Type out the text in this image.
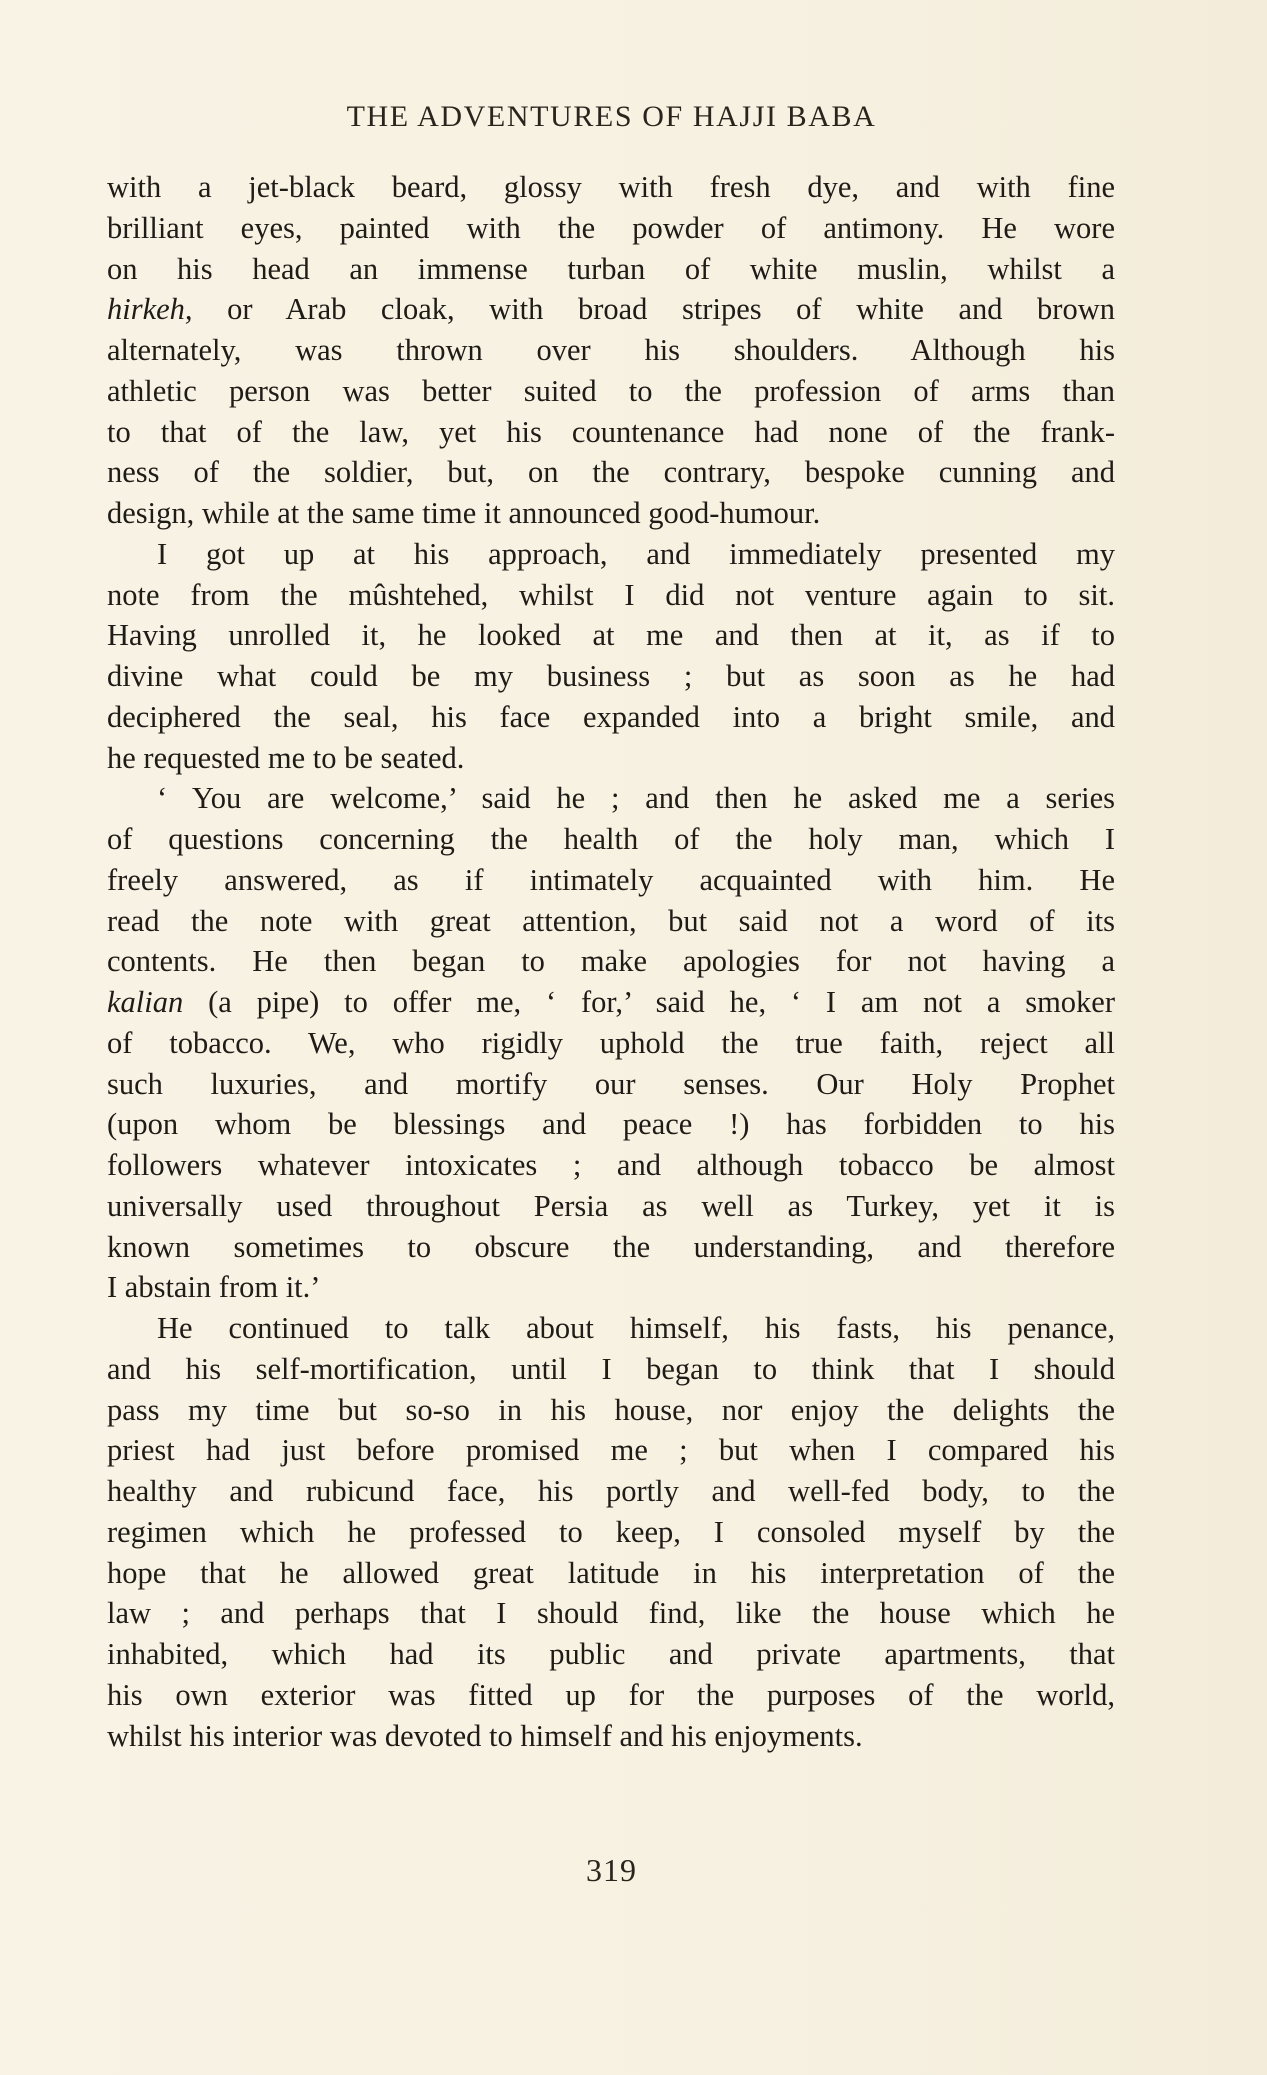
THE ADVENTURES OF HAJJI BABA
with a jet-black beard, glossy with fresh dye, and with fine
brilliant eyes, painted with the powder of antimony. He wore
on his head an immense turban of white muslin, whilst a
hirkeh, or Arab cloak, with broad stripes of white and brown
alternately, was thrown over his shoulders. Although his
athletic person was better suited to the profession of arms than
to that of the law, yet his countenance had none of the frank-
ness of the soldier, but, on the contrary, bespoke cunning and
design, while at the same time it announced good-humour.
I got up at his approach, and immediately presented my
note from the mûshtehed, whilst I did not venture again to sit.
Having unrolled it, he looked at me and then at it, as if to
divine what could be my business ; but as soon as he had
deciphered the seal, his face expanded into a bright smile, and
he requested me to be seated.
‘ You are welcome,’ said he ; and then he asked me a series
of questions concerning the health of the holy man, which I
freely answered, as if intimately acquainted with him. He
read the note with great attention, but said not a word of its
contents. He then began to make apologies for not having a
kalian (a pipe) to offer me, ‘ for,’ said he, ‘ I am not a smoker
of tobacco. We, who rigidly uphold the true faith, reject all
such luxuries, and mortify our senses. Our Holy Prophet
(upon whom be blessings and peace !) has forbidden to his
followers whatever intoxicates ; and although tobacco be almost
universally used throughout Persia as well as Turkey, yet it is
known sometimes to obscure the understanding, and therefore
I abstain from it.’
He continued to talk about himself, his fasts, his penance,
and his self-mortification, until I began to think that I should
pass my time but so-so in his house, nor enjoy the delights the
priest had just before promised me ; but when I compared his
healthy and rubicund face, his portly and well-fed body, to the
regimen which he professed to keep, I consoled myself by the
hope that he allowed great latitude in his interpretation of the
law ; and perhaps that I should find, like the house which he
inhabited, which had its public and private apartments, that
his own exterior was fitted up for the purposes of the world,
whilst his interior was devoted to himself and his enjoyments.
319
